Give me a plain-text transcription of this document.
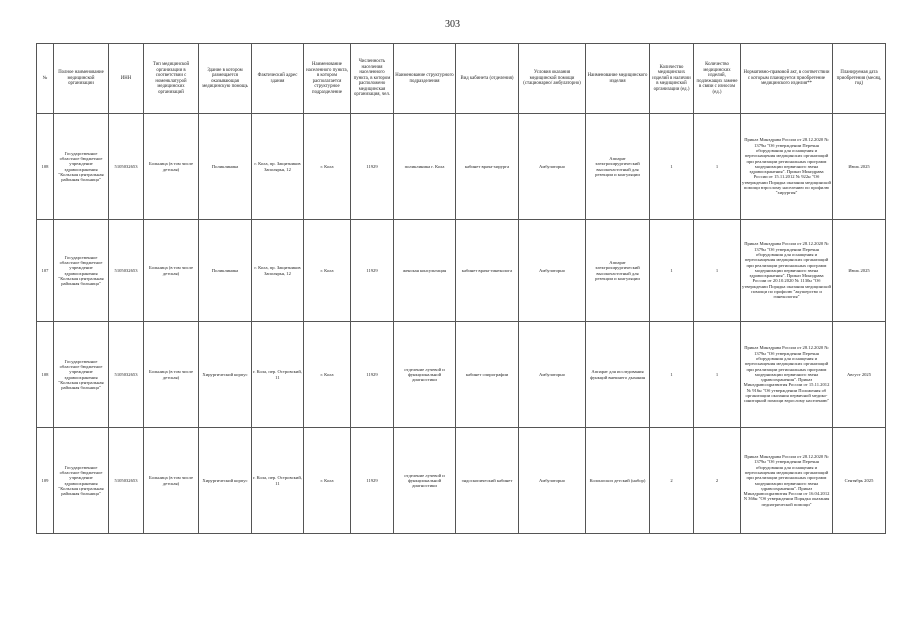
303
№	Полное наименование медицинской организации	ИНН	Тип медицинской организации в соответствии с номенклатурой медицинских организаций	Здание в котором размещается оказывающая медицинскую помощь	Фактический адрес здания	Наименование населенного пункта, в котором располагается структурное подразделение	Численность населения населенного пункта, в котором расположено медицинская организация, чел.	Наименование структурного подразделения	Вид кабинета (отделения)	Условия оказания медицинской помощи (стационарно/ амбулаторно)	Наименование медицинского изделия	Количество медицинских изделий в наличии в медицинской организации (ед.)	Количество медицинских изделий, подлежащих замене в связи с износом (ед.)	Нормативно-правовой акт, в соответствии с которым планируется приобретение медицинского изделия**	Планируемая дата приобретения (месяц, год)
108	Государственное областное бюджетное учреждение здравоохранения "Кольская центральная районная больница"	5105032653	Больница (в том числе детская)	Поликлиника	г. Кола, пр. Защитников Заполярья, 12	г. Кола	11929	поликлиника г. Кола	кабинет врача-хирурга	Амбулаторно	Аппарат электрохирургический высокочастотный для резекции и коагуляции	1	1	Приказ Минздрава России от 28.12.2020 № 1379н "Об утверждении Перечня оборудования для оснащения и переоснащения медицинских организаций при реализации региональных программ модернизации первичного звена здравоохранения". Приказ Минздрава России от 15.11.2012 № 922н "Об утверждении Порядка оказания медицинской помощи взрослому населению по профилю "хирургия"	Июль 2025
107	Государственное областное бюджетное учреждение здравоохранения "Кольская центральная районная больница"	5105032653	Больница (в том числе детская)	Поликлиника	г. Кола, пр. Защитников Заполярья, 12	г. Кола	11929	женская консультация	кабинет врача-гинеколога	Амбулаторно	Аппарат электрохирургический высокочастотный для резекции и коагуляции	1	1	Приказ Минздрава России от 28.12.2020 № 1379н "Об утверждении Перечня оборудования для оснащения и переоснащения медицинских организаций при реализации региональных программ модернизации первичного звена здравоохранения". Приказ Минздрава России от 20.10.2020 № 1130н "Об утверждении Порядка оказания медицинской помощи по профилю "акушерство и гинекология"	Июль 2025
108	Государственное областное бюджетное учреждение здравоохранения "Кольская центральная районная больница"	5105032653	Больница (в том числе детская)	Хирургический корпус	г. Кола, пер. Островский, 11	г. Кола	11929	отделение лучевой и функциональной диагностики	кабинет спирографии	Амбулаторно	Аппарат для исследования функций внешнего дыхания	1	1	Приказ Минздрава России от 28.12.2020 № 1379н "Об утверждении Перечня оборудования для оснащения и переоснащения медицинских организаций при реализации региональных программ модернизации первичного звена здравоохранения". Приказ Минздравсоцразвития России от 15.11.2012 № 916н "Об утверждении Положения об организации оказания первичной медико-санитарной помощи взрослому населению"	Август 2025
109	Государственное областное бюджетное учреждение здравоохранения "Кольская центральная районная больница"	5105032653	Больница (в том числе детская)	Хирургический корпус	г. Кола, пер. Островский, 11	г. Кола	11929	отделение лучевой и функциональной диагностики	эндоскопический кабинет	Амбулаторно	Колоноскоп детский (набор)	2	2	Приказ Минздрава России от 28.12.2020 № 1379н "Об утверждении Перечня оборудования для оснащения и переоснащения медицинских организаций при реализации региональных программ модернизации первичного звена здравоохранения". Приказ Минздравсоцразвития России от 16.04.2012 N 366н "Об утверждении Порядка оказания педиатрической помощи"	Сентябрь 2025
